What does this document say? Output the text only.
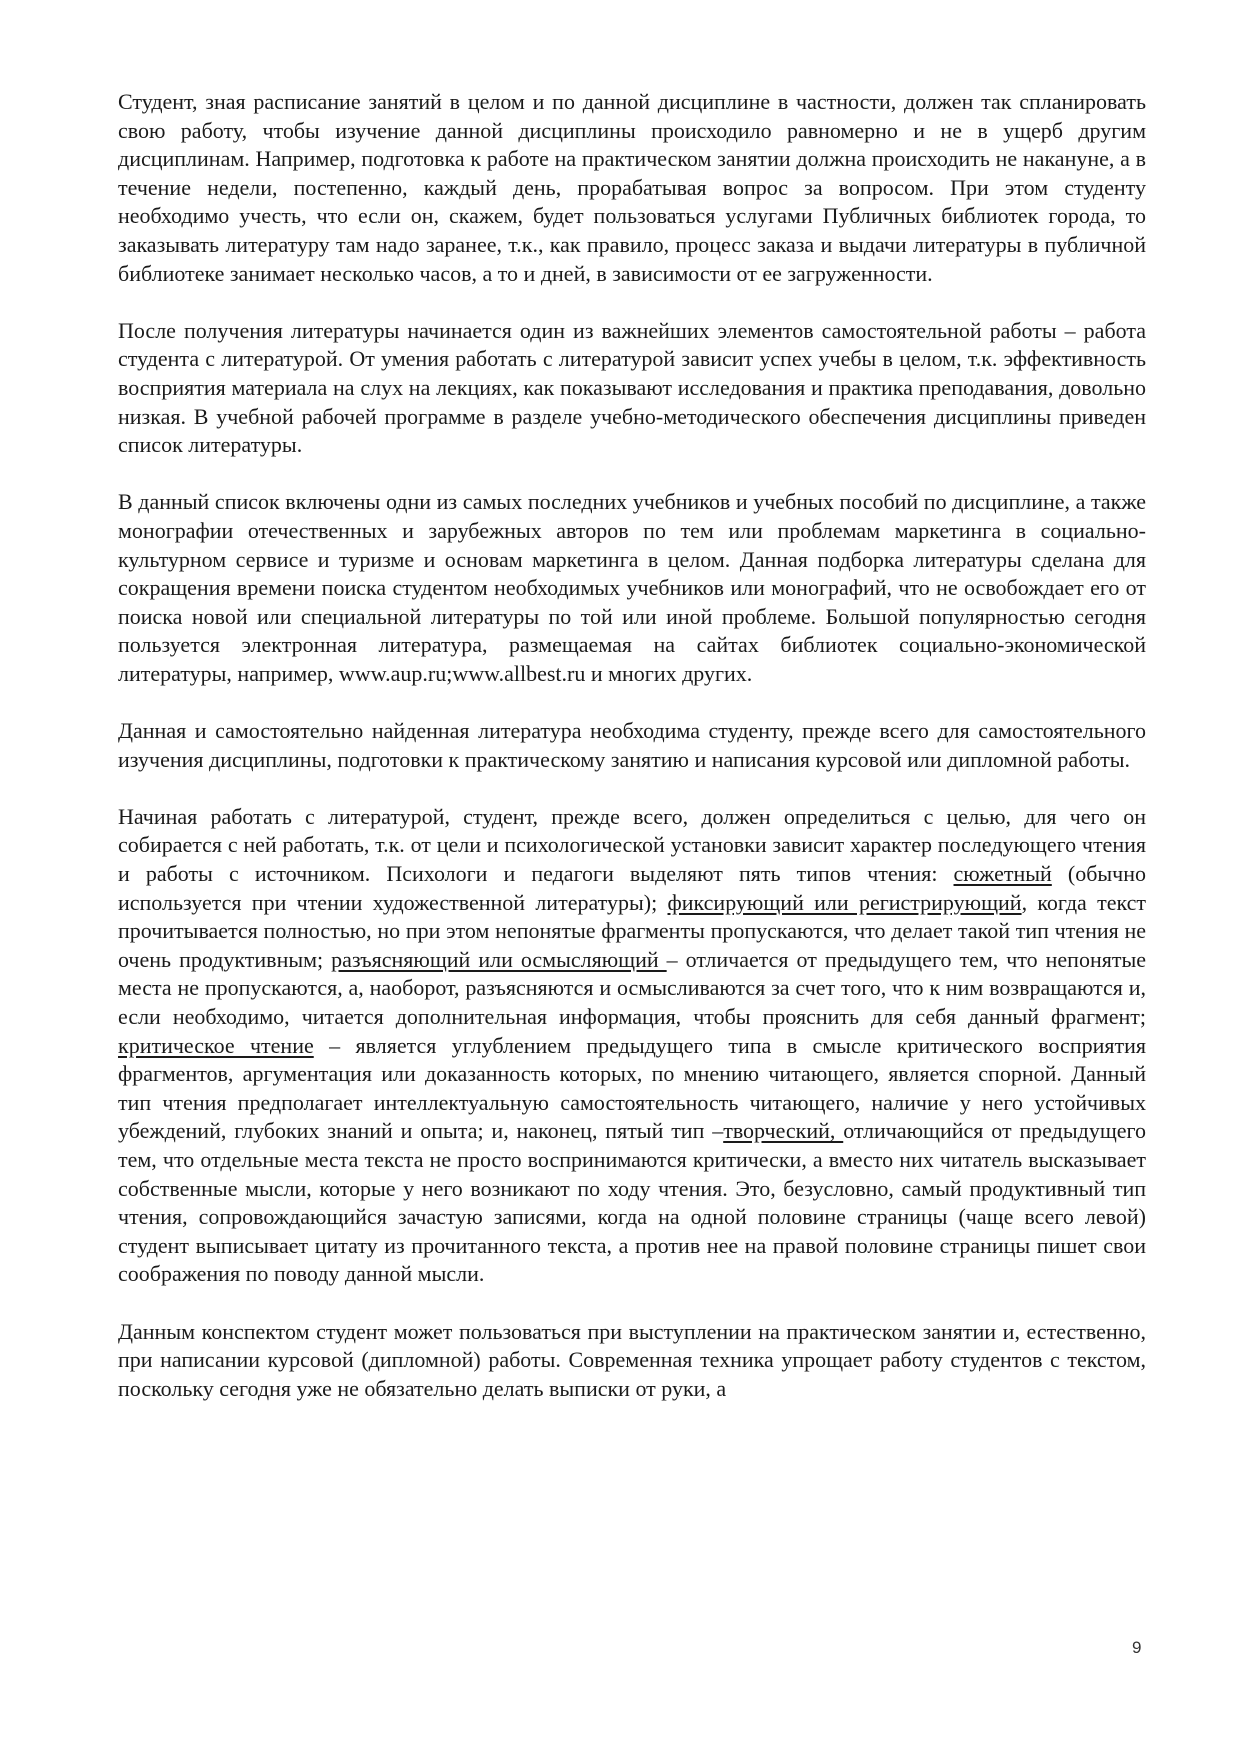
Студент, зная расписание занятий в целом и по данной дисциплине в частности, должен так спланировать свою работу, чтобы изучение данной дисциплины происходило равномерно и не в ущерб другим дисциплинам. Например, подготовка к работе на практическом занятии должна происходить не накануне, а в течение недели, постепенно, каждый день, прорабатывая вопрос за вопросом. При этом студенту необходимо учесть, что если он, скажем, будет пользоваться услугами Публичных библиотек города, то заказывать литературу там надо заранее, т.к., как правило, процесс заказа и выдачи литературы в публичной библиотеке занимает несколько часов, а то и дней, в зависимости от ее загруженности.

После получения литературы начинается один из важнейших элементов самостоятельной работы – работа студента с литературой. От умения работать с литературой зависит успех учебы в целом, т.к. эффективность восприятия материала на слух на лекциях, как показывают исследования и практика преподавания, довольно низкая. В учебной рабочей программе в разделе учебно-методического обеспечения дисциплины приведен список литературы.

В данный список включены одни из самых последних учебников и учебных пособий по дисциплине, а также монографии отечественных и зарубежных авторов по тем или проблемам маркетинга в социально-культурном сервисе и туризме и основам маркетинга в целом. Данная подборка литературы сделана для сокращения времени поиска студентом необходимых учебников или монографий, что не освобождает его от поиска новой или специальной литературы по той или иной проблеме. Большой популярностью сегодня пользуется электронная литература, размещаемая на сайтах библиотек социально-экономической литературы, например, www.aup.ru;www.allbest.ru и многих других.

Данная и самостоятельно найденная литература необходима студенту, прежде всего для самостоятельного изучения дисциплины, подготовки к практическому занятию и написания курсовой или дипломной работы.

Начиная работать с литературой, студент, прежде всего, должен определиться с целью, для чего он собирается с ней работать, т.к. от цели и психологической установки зависит характер последующего чтения и работы с источником. Психологи и педагоги выделяют пять типов чтения: сюжетный (обычно используется при чтении художественной литературы); фиксирующий или регистрирующий, когда текст прочитывается полностью, но при этом непонятые фрагменты пропускаются, что делает такой тип чтения не очень продуктивным; разъясняющий или осмысляющий – отличается от предыдущего тем, что непонятые места не пропускаются, а, наоборот, разъясняются и осмысливаются за счет того, что к ним возвращаются и, если необходимо, читается дополнительная информация, чтобы прояснить для себя данный фрагмент; критическое чтение – является углублением предыдущего типа в смысле критического восприятия фрагментов, аргументация или доказанность которых, по мнению читающего, является спорной. Данный тип чтения предполагает интеллектуальную самостоятельность читающего, наличие у него устойчивых убеждений, глубоких знаний и опыта; и, наконец, пятый тип –творческий, отличающийся от предыдущего тем, что отдельные места текста не просто воспринимаются критически, а вместо них читатель высказывает собственные мысли, которые у него возникают по ходу чтения. Это, безусловно, самый продуктивный тип чтения, сопровождающийся зачастую записями, когда на одной половине страницы (чаще всего левой) студент выписывает цитату из прочитанного текста, а против нее на правой половине страницы пишет свои соображения по поводу данной мысли.

Данным конспектом студент может пользоваться при выступлении на практическом занятии и, естественно, при написании курсовой (дипломной) работы. Современная техника упрощает работу студентов с текстом, поскольку сегодня уже не обязательно делать выписки от руки, а

9
